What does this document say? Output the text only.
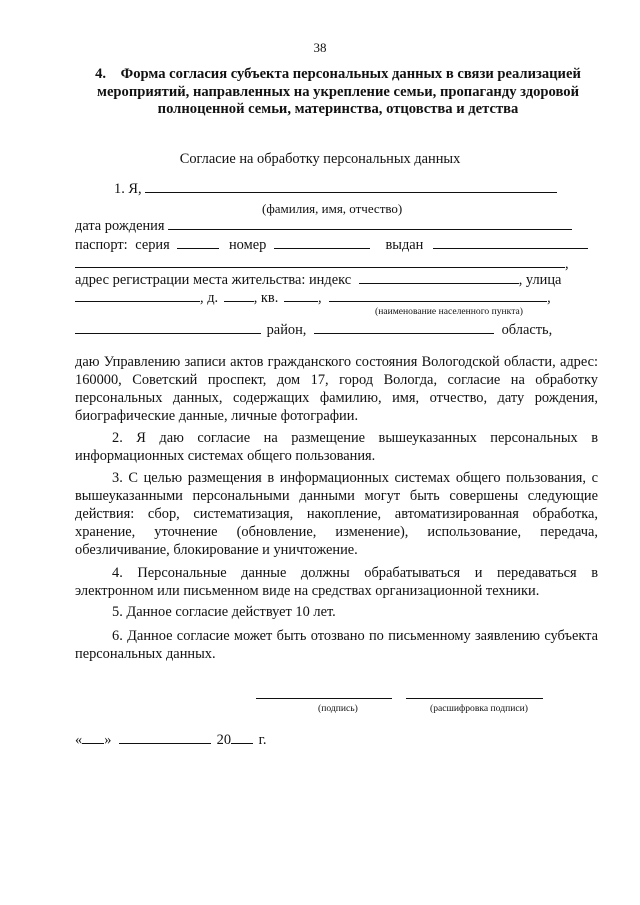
38
4.    Форма согласия субъекта персональных данных в связи реализацией
мероприятий, направленных на укрепление семьи, пропаганду здоровой
полноценной семьи, материнства, отцовства и детства
Согласие на обработку персональных данных
1. Я,
(фамилия, имя, отчество)
дата рождения
паспорт: серия	номер	выдан
,
адрес регистрации места жительства: индекс	, улица
, д. , кв.	,	,
(наименование населенного пункта)
район,	область,
даю Управлению записи актов гражданского состояния Вологодской области, адрес: 160000, Советский проспект, дом 17, город Вологда, согласие на обработку персональных данных, содержащих фамилию, имя, отчество, дату рождения, биографические данные, личные фотографии.
2. Я даю согласие на размещение вышеуказанных персональных в информационных системах общего пользования.
3. С целью размещения в информационных системах общего пользования, с вышеуказанными персональными данными могут быть совершены следующие действия: сбор, систематизация, накопление, автоматизированная обработка, хранение, уточнение (обновление, изменение), использование, передача, обезличивание, блокирование и уничтожение.
4. Персональные данные должны обрабатываться и передаваться в электронном или письменном виде на средствах организационной техники.
5. Данное согласие действует 10 лет.
6. Данное согласие может быть отозвано по письменному заявлению субъекта персональных данных.
(подпись)	(расшифровка подписи)
« »	20 г.
